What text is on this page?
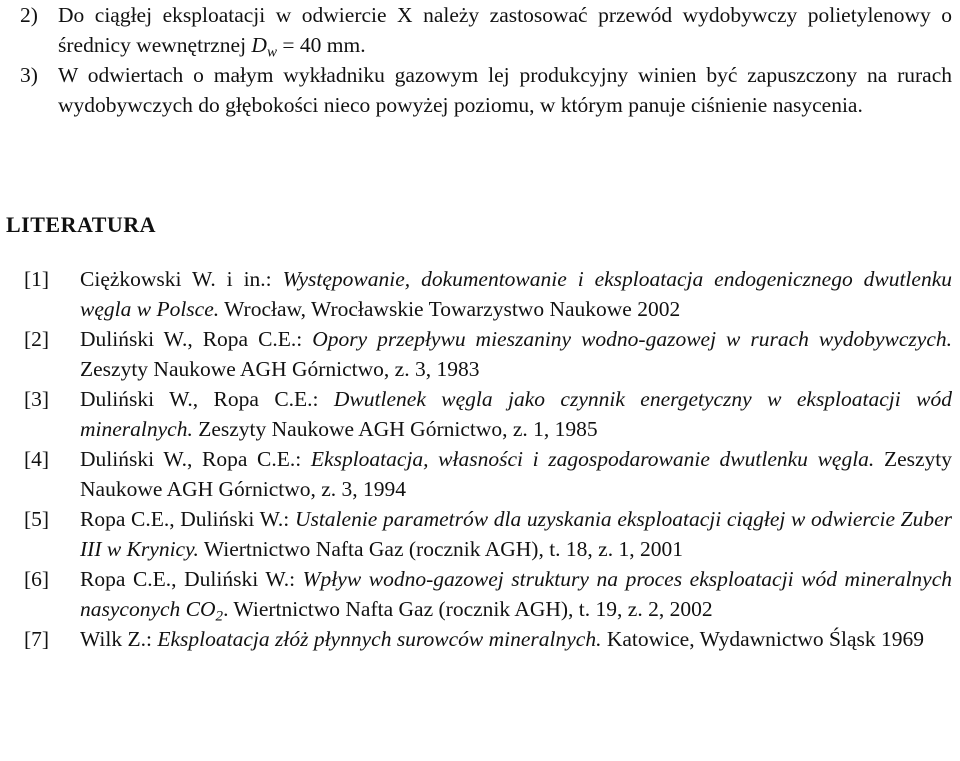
2) Do ciągłej eksploatacji w odwiercie X należy zastosować przewód wydobywczy polietylenowy o średnicy wewnętrznej $D_w = 40$ mm.
3) W odwiertach o małym wykładniku gazowym lej produkcyjny winien być zapuszczony na rurach wydobywczych do głębokości nieco powyżej poziomu, w którym panuje ciśnienie nasycenia.
LITERATURA
[1] Ciężkowski W. i in.: Występowanie, dokumentowanie i eksploatacja endogenicznego dwutlenku węgla w Polsce. Wrocław, Wrocławskie Towarzystwo Naukowe 2002
[2] Duliński W., Ropa C.E.: Opory przepływu mieszaniny wodno-gazowej w rurach wydobywczych. Zeszyty Naukowe AGH Górnictwo, z. 3, 1983
[3] Duliński W., Ropa C.E.: Dwutlenek węgla jako czynnik energetyczny w eksploatacji wód mineralnych. Zeszyty Naukowe AGH Górnictwo, z. 1, 1985
[4] Duliński W., Ropa C.E.: Eksploatacja, własności i zagospodarowanie dwutlenku węgla. Zeszyty Naukowe AGH Górnictwo, z. 3, 1994
[5] Ropa C.E., Duliński W.: Ustalenie parametrów dla uzyskania eksploatacji ciągłej w odwiercie Zuber III w Krynicy. Wiertnictwo Nafta Gaz (rocznik AGH), t. 18, z. 1, 2001
[6] Ropa C.E., Duliński W.: Wpływ wodno-gazowej struktury na proces eksploatacji wód mineralnych nasyconych $CO_2$. Wiertnictwo Nafta Gaz (rocznik AGH), t. 19, z. 2, 2002
[7] Wilk Z.: Eksploatacja złóż płynnych surowców mineralnych. Katowice, Wydawnictwo Śląsk 1969
